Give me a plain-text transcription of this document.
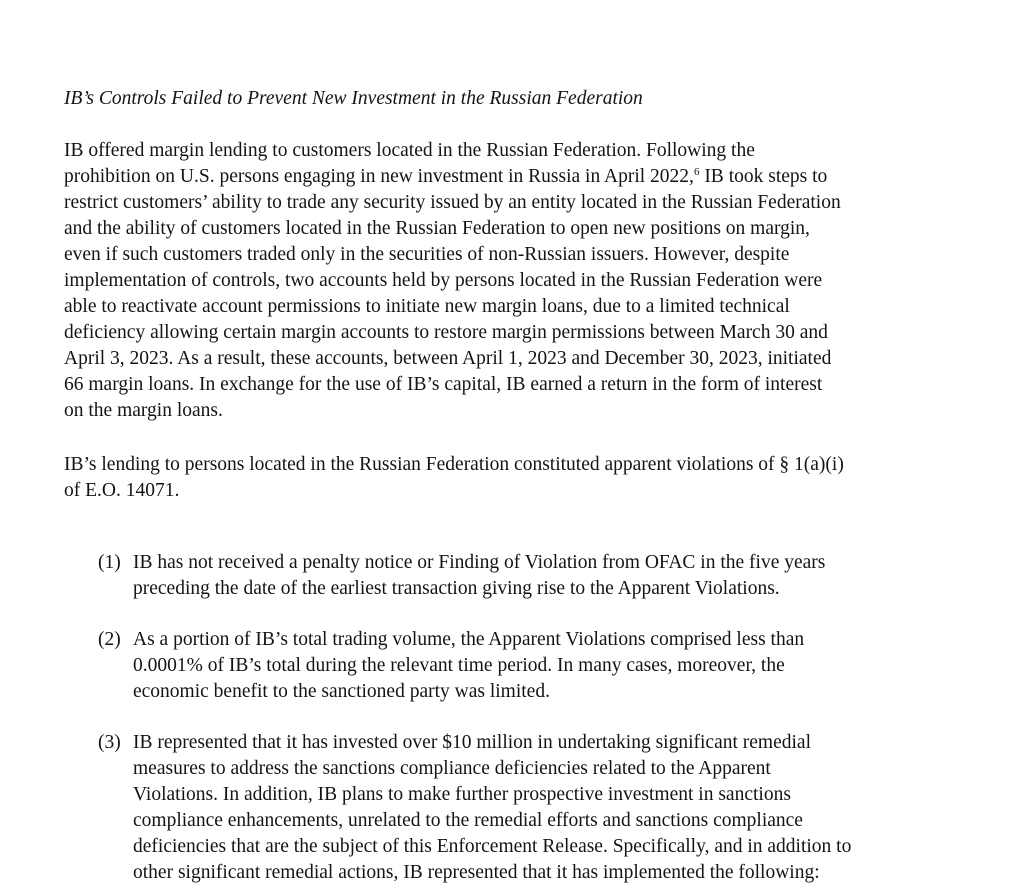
IB’s Controls Failed to Prevent New Investment in the Russian Federation
IB offered margin lending to customers located in the Russian Federation. Following the
prohibition on U.S. persons engaging in new investment in Russia in April 2022,$^6$ IB took steps to
restrict customers’ ability to trade any security issued by an entity located in the Russian Federation
and the ability of customers located in the Russian Federation to open new positions on margin,
even if such customers traded only in the securities of non-Russian issuers. However, despite
implementation of controls, two accounts held by persons located in the Russian Federation were
able to reactivate account permissions to initiate new margin loans, due to a limited technical
deficiency allowing certain margin accounts to restore margin permissions between March 30 and
April 3, 2023. As a result, these accounts, between April 1, 2023 and December 30, 2023, initiated
66 margin loans. In exchange for the use of IB’s capital, IB earned a return in the form of interest
on the margin loans.
IB’s lending to persons located in the Russian Federation constituted apparent violations of § 1(a)(i)
of E.O. 14071.
(1) IB has not received a penalty notice or Finding of Violation from OFAC in the five years
preceding the date of the earliest transaction giving rise to the Apparent Violations.
(2) As a portion of IB’s total trading volume, the Apparent Violations comprised less than
0.0001% of IB’s total during the relevant time period. In many cases, moreover, the
economic benefit to the sanctioned party was limited.
(3) IB represented that it has invested over $10 million in undertaking significant remedial
measures to address the sanctions compliance deficiencies related to the Apparent
Violations. In addition, IB plans to make further prospective investment in sanctions
compliance enhancements, unrelated to the remedial efforts and sanctions compliance
deficiencies that are the subject of this Enforcement Release. Specifically, and in addition to
other significant remedial actions, IB represented that it has implemented the following:
